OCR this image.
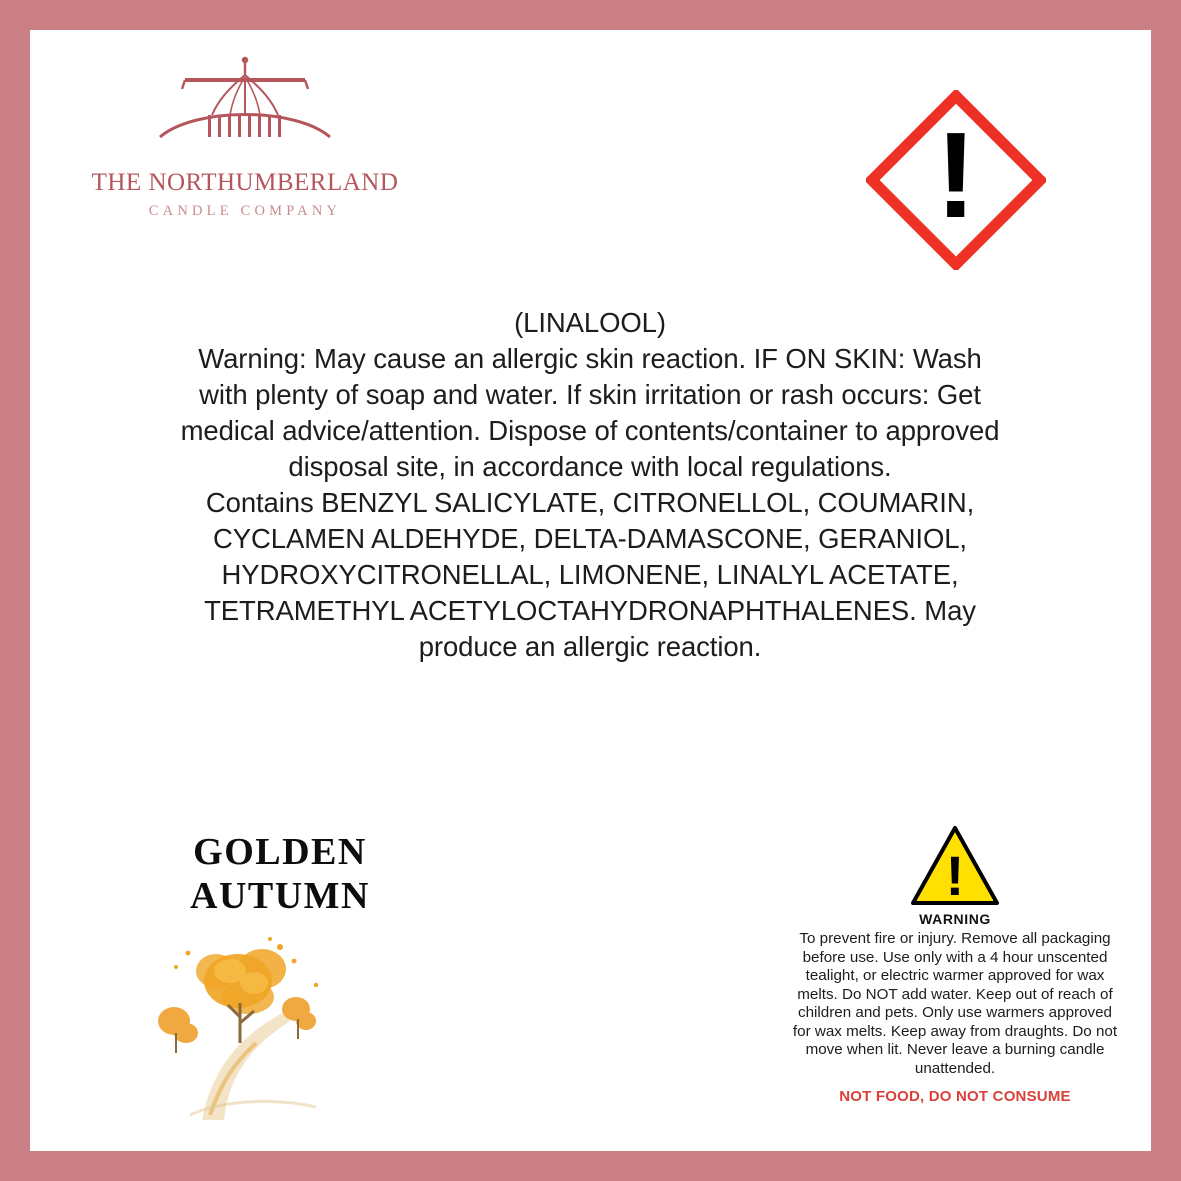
THE NORTHUMBERLAND
CANDLE COMPANY	!

(LINALOOL)

Warning: May cause an allergic skin reaction. IF ON SKIN: Wash with plenty of soap and water. If skin irritation or rash occurs: Get medical advice/attention. Dispose of contents/container to approved disposal site, in accordance with local regulations.

Contains BENZYL SALICYLATE, CITRONELLOL, COUMARIN, CYCLAMEN ALDEHYDE, DELTA-DAMASCONE, GERANIOL, HYDROXYCITRONELLAL, LIMONENE, LINALYL ACETATE, TETRAMETHYL ACETYLOCTAHYDRONAPHTHALENES. May produce an allergic reaction.

GOLDEN
AUTUMN	!
WARNING
To prevent fire or injury. Remove all packaging before use. Use only with a 4 hour unscented tealight, or electric warmer approved for wax melts. Do NOT add water. Keep out of reach of children and pets. Only use warmers approved for wax melts. Keep away from draughts. Do not move when lit. Never leave a burning candle unattended.
NOT FOOD, DO NOT CONSUME
